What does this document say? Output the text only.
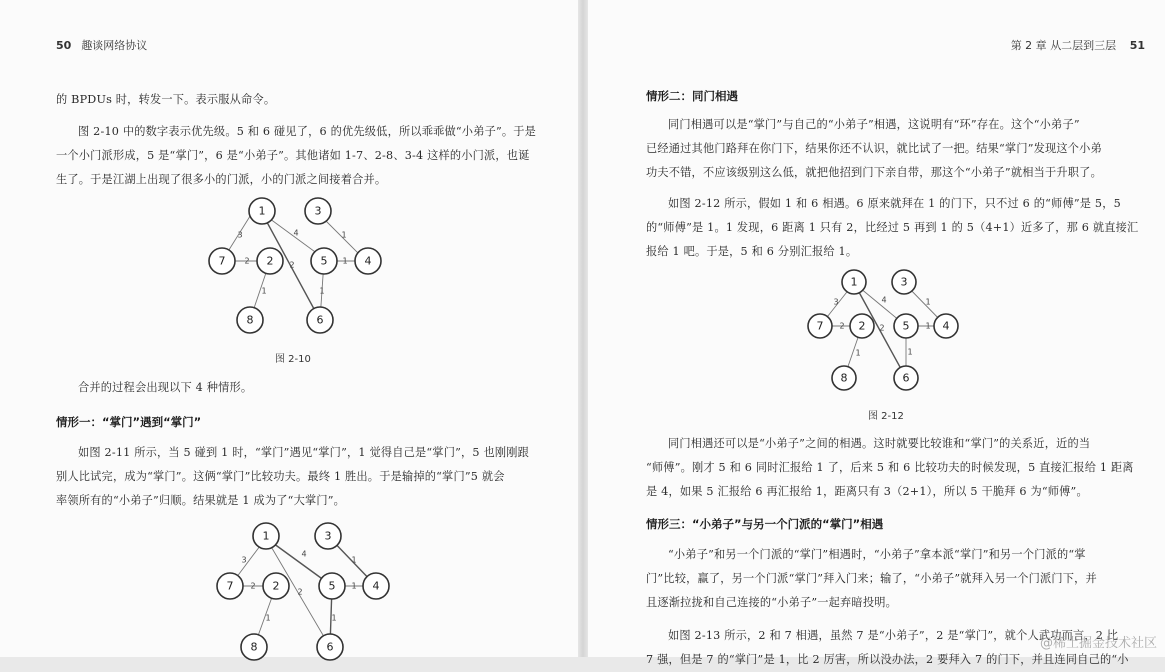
50 趣谈网络协议

的 BPDUs 时，转发一下。表示服从命令。

图 2-10 中的数字表示优先级。5 和 6 碰见了，6 的优先级低，所以乖乖做“小弟子”。于是

一个小门派形成，5 是“掌门”，6 是“小弟子”。其他诸如 1-7、2-8、3-4 这样的小门派，也诞

生了。于是江湖上出现了很多小的门派，小的门派之间接着合并。

3
2
4
2
1
1
1	1
1	3
7	2	5	4
8	6

图 2-10

合并的过程会出现以下 4 种情形。

情形一：“掌门”遇到“掌门”

如图 2-11 所示，当 5 碰到 1 时，“掌门”遇见“掌门”，1 觉得自己是“掌门”，5 也刚刚跟

别人比试完，成为“掌门”。这俩“掌门”比较功夫。最终 1 胜出。于是输掉的“掌门”5 就会

率领所有的“小弟子”归顺。结果就是 1 成为了“大掌门”。

3
2
4
2
1
1
1	1
1	3
7	2	5	4
8	6
第 2 章 从二层到三层 51

情形二：同门相遇

同门相遇可以是“掌门”与自己的“小弟子”相遇，这说明有“环”存在。这个“小弟子”

已经通过其他门路拜在你门下，结果你还不认识，就比试了一把。结果“掌门”发现这个小弟

功夫不错，不应该级别这么低，就把他招到门下亲自带，那这个“小弟子”就相当于升职了。

如图 2-12 所示，假如 1 和 6 相遇。6 原来就拜在 1 的门下，只不过 6 的“师傅”是 5，5

的“师傅”是 1。1 发现，6 距离 1 只有 2，比经过 5 再到 1 的 5（4+1）近多了，那 6 就直接汇

报给 1 吧。于是，5 和 6 分别汇报给 1。

3
2
4
2
1
1
1	1
1	3
7	2	5	4
8	6

图 2-12

同门相遇还可以是“小弟子”之间的相遇。这时就要比较谁和“掌门”的关系近，近的当

“师傅”。刚才 5 和 6 同时汇报给 1 了，后来 5 和 6 比较功夫的时候发现，5 直接汇报给 1 距离

是 4，如果 5 汇报给 6 再汇报给 1，距离只有 3（2+1），所以 5 干脆拜 6 为“师傅”。

情形三：“小弟子”与另一个门派的“掌门”相遇

“小弟子”和另一个门派的“掌门”相遇时，“小弟子”拿本派“掌门”和另一个门派的“掌

门”比较，赢了，另一个门派“掌门”拜入门来；输了，“小弟子”就拜入另一个门派门下，并

且逐渐拉拢和自己连接的“小弟子”一起弃暗投明。

如图 2-13 所示，2 和 7 相遇，虽然 7 是“小弟子”，2 是“掌门”，就个人武功而言，2 比

7 强，但是 7 的“掌门”是 1，比 2 厉害，所以没办法，2 要拜入 7 的门下，并且连同自己的“小

@稀土掘金技术社区
